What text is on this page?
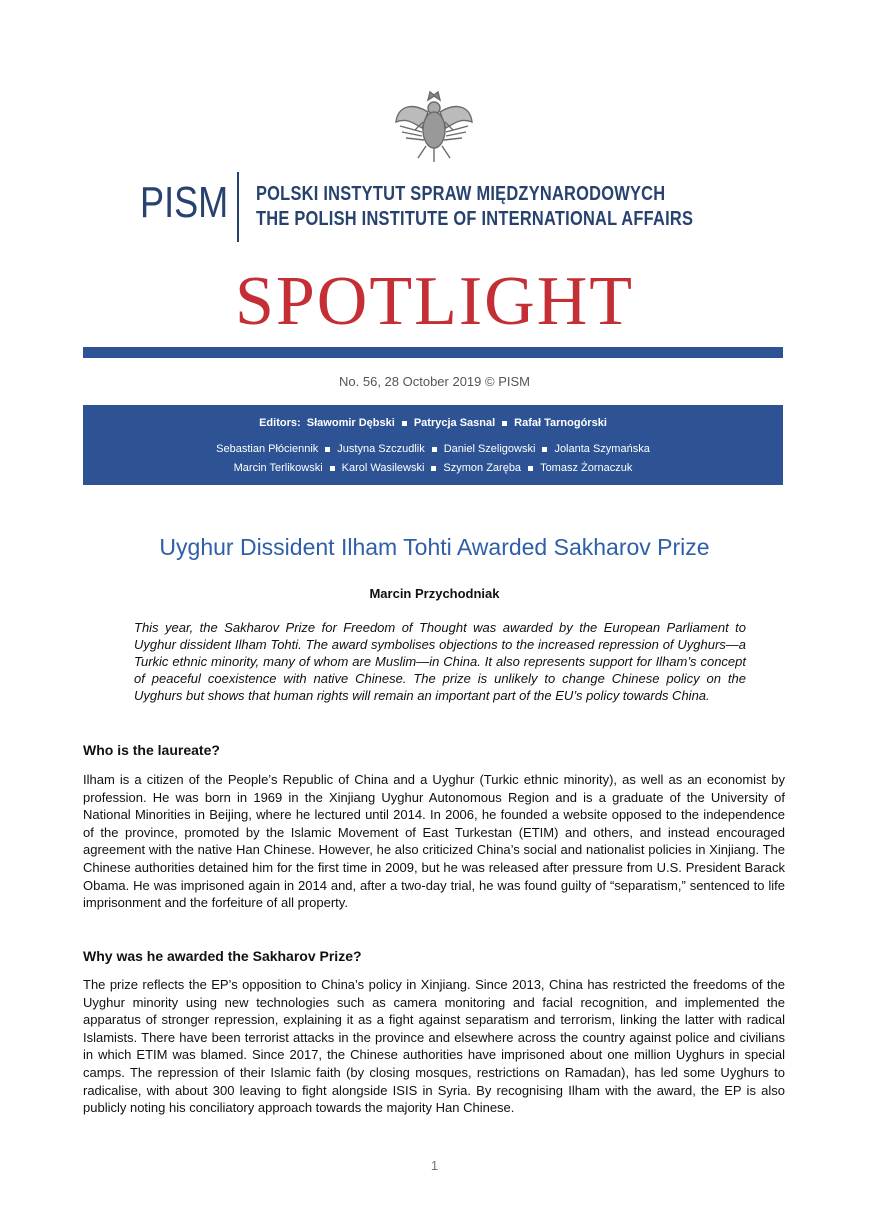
PISM POLSKI INSTYTUT SPRAW MIĘDZYNARODOWYCH
THE POLISH INSTITUTE OF INTERNATIONAL AFFAIRS
SPOTLIGHT
No. 56, 28 October 2019 © PISM
Editors: Sławomir Dębski Patrycja Sasnal Rafał Tarnogórski
Sebastian Płóciennik Justyna Szczudlik Daniel Szeligowski Jolanta Szymańska
Marcin Terlikowski Karol Wasilewski Szymon Zaręba Tomasz Żornaczuk
Uyghur Dissident Ilham Tohti Awarded Sakharov Prize
Marcin Przychodniak
This year, the Sakharov Prize for Freedom of Thought was awarded by the European Parliament to Uyghur dissident Ilham Tohti. The award symbolises objections to the increased repression of Uyghurs—a Turkic ethnic minority, many of whom are Muslim—in China. It also represents support for Ilham’s concept of peaceful coexistence with native Chinese. The prize is unlikely to change Chinese policy on the Uyghurs but shows that human rights will remain an important part of the EU’s policy towards China.
Who is the laureate?
Ilham is a citizen of the People’s Republic of China and a Uyghur (Turkic ethnic minority), as well as an economist by profession. He was born in 1969 in the Xinjiang Uyghur Autonomous Region and is a graduate of the University of National Minorities in Beijing, where he lectured until 2014. In 2006, he founded a website opposed to the independence of the province, promoted by the Islamic Movement of East Turkestan (ETIM) and others, and instead encouraged agreement with the native Han Chinese. However, he also criticized China’s social and nationalist policies in Xinjiang. The Chinese authorities detained him for the first time in 2009, but he was released after pressure from U.S. President Barack Obama. He was imprisoned again in 2014 and, after a two-day trial, he was found guilty of “separatism,” sentenced to life imprisonment and the forfeiture of all property.
Why was he awarded the Sakharov Prize?
The prize reflects the EP’s opposition to China’s policy in Xinjiang. Since 2013, China has restricted the freedoms of the Uyghur minority using new technologies such as camera monitoring and facial recognition, and implemented the apparatus of stronger repression, explaining it as a fight against separatism and terrorism, linking the latter with radical Islamists. There have been terrorist attacks in the province and elsewhere across the country against police and civilians in which ETIM was blamed. Since 2017, the Chinese authorities have imprisoned about one million Uyghurs in special camps. The repression of their Islamic faith (by closing mosques, restrictions on Ramadan), has led some Uyghurs to radicalise, with about 300 leaving to fight alongside ISIS in Syria. By recognising Ilham with the award, the EP is also publicly noting his conciliatory approach towards the majority Han Chinese.
1
